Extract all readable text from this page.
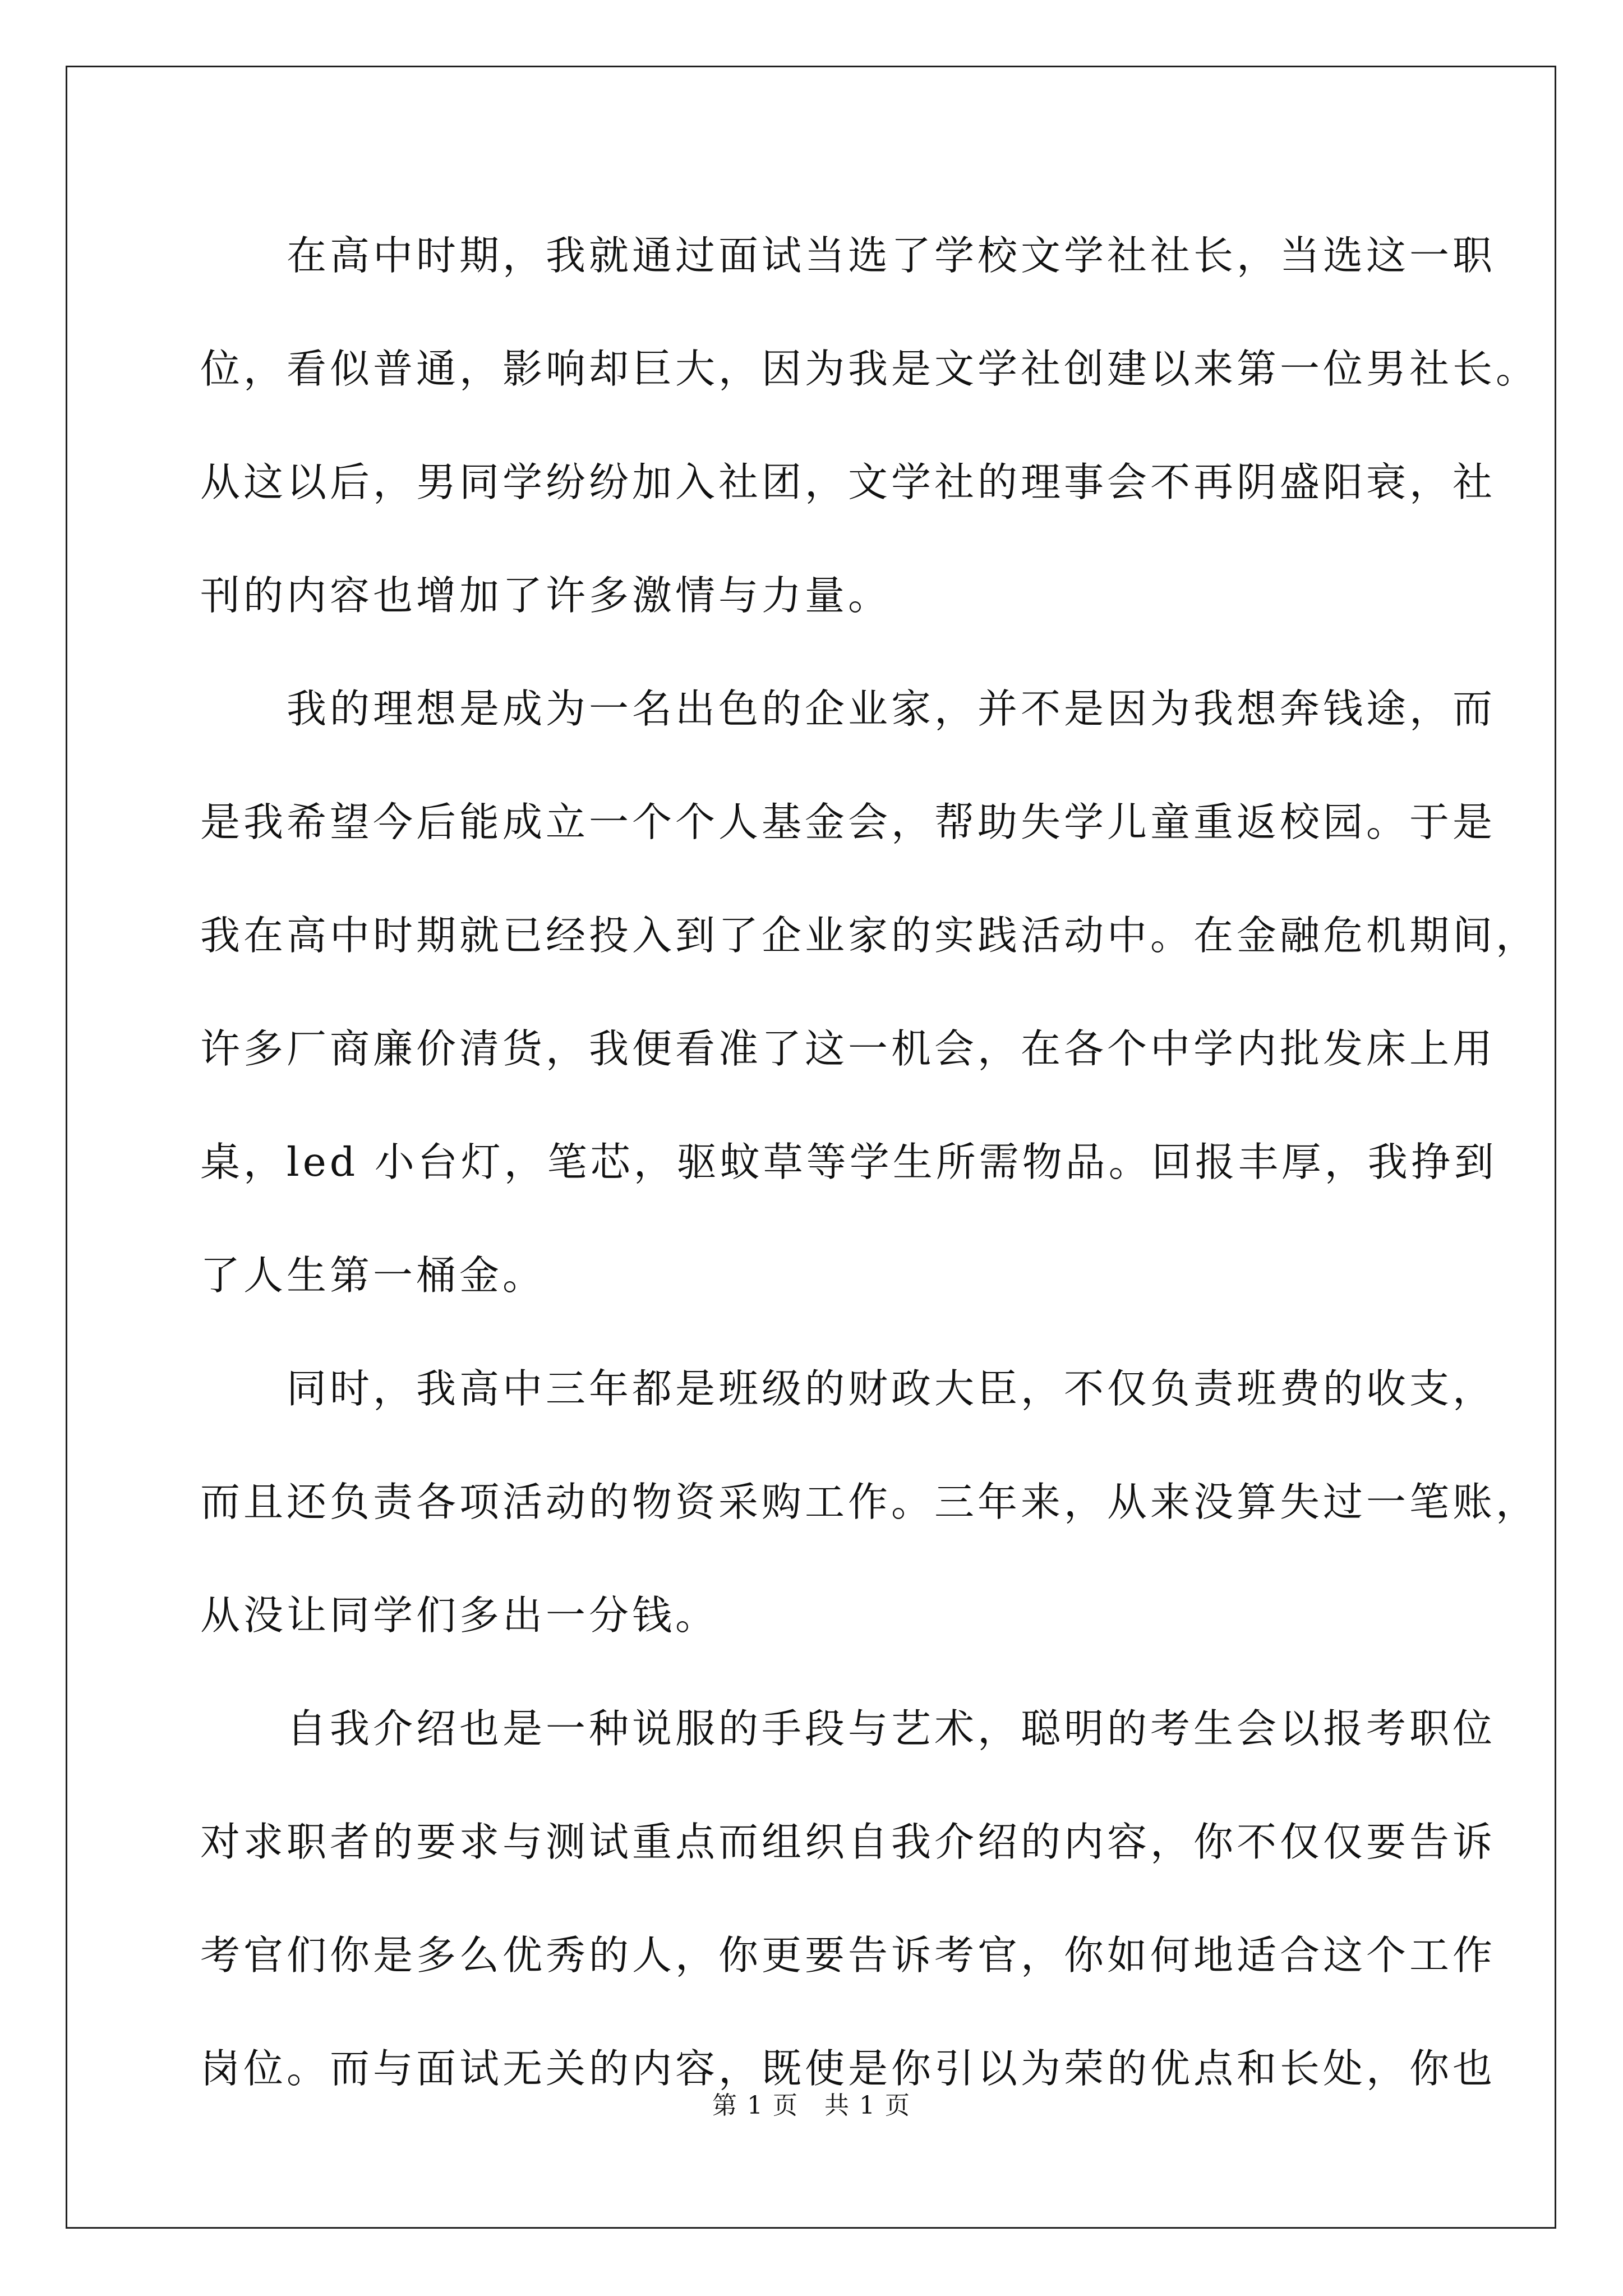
　　在高中时期，我就通过面试当选了学校文学社社长，当选这一职
位，看似普通，影响却巨大，因为我是文学社创建以来第一位男社长。
从这以后，男同学纷纷加入社团，文学社的理事会不再阴盛阳衰，社
刊的内容也增加了许多激情与力量。
　　我的理想是成为一名出色的企业家，并不是因为我想奔钱途，而
是我希望今后能成立一个个人基金会，帮助失学儿童重返校园。于是
我在高中时期就已经投入到了企业家的实践活动中。在金融危机期间，
许多厂商廉价清货，我便看准了这一机会，在各个中学内批发床上用
桌，led 小台灯，笔芯，驱蚊草等学生所需物品。回报丰厚，我挣到
了人生第一桶金。
　　同时，我高中三年都是班级的财政大臣，不仅负责班费的收支，
而且还负责各项活动的物资采购工作。三年来，从来没算失过一笔账，
从没让同学们多出一分钱。
　　自我介绍也是一种说服的手段与艺术，聪明的考生会以报考职位
对求职者的要求与测试重点而组织自我介绍的内容，你不仅仅要告诉
考官们你是多么优秀的人，你更要告诉考官，你如何地适合这个工作
岗位。而与面试无关的内容，既使是你引以为荣的优点和长处，你也
第 1 页　共 1 页
